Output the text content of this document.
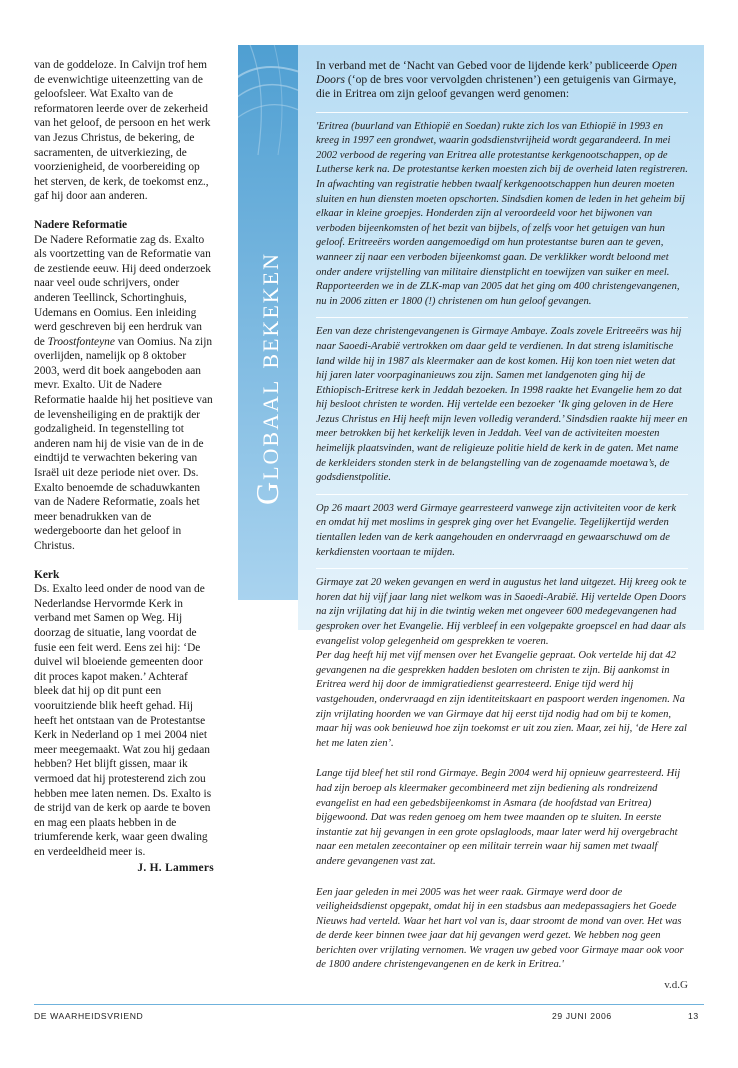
van de goddeloze. In Calvijn trof hem de evenwichtige uiteenzetting van de geloofsleer. Wat Exalto van de reformatoren leerde over de zekerheid van het geloof, de persoon en het werk van Jezus Christus, de bekering, de sacramenten, de uitverkiezing, de voorzienigheid, de voorbereiding op het sterven, de kerk, de toekomst enz., gaf hij door aan anderen.

Nadere Reformatie

De Nadere Reformatie zag ds. Exalto als voortzetting van de Reformatie van de zestiende eeuw. Hij deed onderzoek naar veel oude schrijvers, onder anderen Teellinck, Schortinghuis, Udemans en Oomius. Een inleiding werd geschreven bij een herdruk van de Troostfonteyne van Oomius. Na zijn overlijden, namelijk op 8 oktober 2003, werd dit boek aangeboden aan mevr. Exalto. Uit de Nadere Reformatie haalde hij het positieve van de levensheiliging en de praktijk der godzaligheid. In tegenstelling tot anderen nam hij de visie van de in de eindtijd te verwachten bekering van Israël uit deze periode niet over. Ds. Exalto benoemde de schaduwkanten van de Nadere Reformatie, zoals het meer benadrukken van de wedergeboorte dan het geloof in Christus.

Kerk

Ds. Exalto leed onder de nood van de Nederlandse Hervormde Kerk in verband met Samen op Weg. Hij doorzag de situatie, lang voordat de fusie een feit werd. Eens zei hij: ‘De duivel wil bloeiende gemeenten door dit proces kapot maken.’ Achteraf bleek dat hij op dit punt een vooruitziende blik heeft gehad. Hij heeft het ontstaan van de Protestantse Kerk in Nederland op 1 mei 2004 niet meer meegemaakt. Wat zou hij gedaan hebben? Het blijft gissen, maar ik vermoed dat hij protesterend zich zou hebben mee laten nemen. Ds. Exalto is de strijd van de kerk op aarde te boven en mag een plaats hebben in de triumferende kerk, waar geen dwaling en verdeeldheid meer is.

J. H. Lammers

Globaal bekeken

In verband met de ‘Nacht van Gebed voor de lijdende kerk’ publiceerde Open Doors (‘op de bres voor vervolgden christenen’) een getuigenis van Girmaye, die in Eritrea om zijn geloof gevangen werd genomen:

'Eritrea (buurland van Ethiopië en Soedan) rukte zich los van Ethiopië in 1993 en kreeg in 1997 een grondwet, waarin godsdienstvrijheid wordt gegarandeerd. In mei 2002 verbood de regering van Eritrea alle protestantse kerkgenootschappen, op de Lutherse kerk na. De protestantse kerken moesten zich bij de overheid laten registreren. In afwachting van registratie hebben twaalf kerkgenootschappen hun deuren moeten sluiten en hun diensten moeten opschorten. Sindsdien komen de leden in het geheim bij elkaar in kleine groepjes. Honderden zijn al veroordeeld voor het bijwonen van verboden bijeenkomsten of het bezit van bijbels, of zelfs voor het getuigen van hun geloof. Eritreeërs worden aangemoedigd om hun protestantse buren aan te geven, wanneer zij naar een verboden bijeenkomst gaan. De verklikker wordt beloond met onder andere vrijstelling van militaire dienstplicht en toewijzen van suiker en meel. Rapporteerden we in de ZLK-map van 2005 dat het ging om 400 christengevangenen, nu in 2006 zitten er 1800 (!) christenen om hun geloof gevangen.

Een van deze christengevangenen is Girmaye Ambaye. Zoals zovele Eritreeërs was hij naar Saoedi-Arabië vertrokken om daar geld te verdienen. In dat streng islamitische land wilde hij in 1987 als kleermaker aan de kost komen. Hij kon toen niet weten dat hij jaren later voorpaginanieuws zou zijn. Samen met landgenoten ging hij de Ethiopisch-Eritrese kerk in Jeddah bezoeken. In 1998 raakte het Evangelie hem zo dat hij besloot christen te worden. Hij vertelde een bezoeker ‘Ik ging geloven in de Here Jezus Christus en Hij heeft mijn leven volledig veranderd.’ Sindsdien raakte hij meer en meer betrokken bij het kerkelijk leven in Jeddah. Veel van de activiteiten moesten heimelijk plaatsvinden, want de religieuze politie hield de kerk in de gaten. Met name de kerkleiders stonden sterk in de belangstelling van de zogenaamde moetawa’s, de godsdienstpolitie.

Op 26 maart 2003 werd Girmaye gearresteerd vanwege zijn activiteiten voor de kerk en omdat hij met moslims in gesprek ging over het Evangelie. Tegelijkertijd werden tientallen leden van de kerk aangehouden en ondervraagd en gewaarschuwd om de kerkdiensten voortaan te mijden.

Girmaye zat 20 weken gevangen en werd in augustus het land uitgezet. Hij kreeg ook te horen dat hij vijf jaar lang niet welkom was in Saoedi-Arabië. Hij vertelde Open Doors na zijn vrijlating dat hij in die twintig weken met ongeveer 600 medegevangenen had gesproken over het Evangelie. Hij verbleef in een volgepakte groepscel en had daar als evangelist volop gelegenheid om gesprekken te voeren.

Per dag heeft hij met vijf mensen over het Evangelie gepraat. Ook vertelde hij dat 42 gevangenen na die gesprekken hadden besloten om christen te zijn. Bij aankomst in Eritrea werd hij door de immigratiedienst gearresteerd. Enige tijd werd hij vastgehouden, ondervraagd en zijn identiteitskaart en paspoort werden ingenomen. Na zijn vrijlating hoorden we van Girmaye dat hij eerst tijd nodig had om bij te komen, maar hij was ook benieuwd hoe zijn toekomst er uit zou zien. Maar, zei hij, ‘de Here zal het me laten zien’.

Lange tijd bleef het stil rond Girmaye. Begin 2004 werd hij opnieuw gearresteerd. Hij had zijn beroep als kleermaker gecombineerd met zijn bediening als rondreizend evangelist en had een gebedsbijeenkomst in Asmara (de hoofdstad van Eritrea) bijgewoond. Dat was reden genoeg om hem twee maanden op te sluiten. In eerste instantie zat hij gevangen in een grote opslagloods, maar later werd hij overgebracht naar een metalen zeecontainer op een militair terrein waar hij samen met twaalf andere gevangenen vast zat.

Een jaar geleden in mei 2005 was het weer raak. Girmaye werd door de veiligheidsdienst opgepakt, omdat hij in een stadsbus aan medepassagiers het Goede Nieuws had verteld. Waar het hart vol van is, daar stroomt de mond van over. Het was de derde keer binnen twee jaar dat hij gevangen werd gezet. We hebben nog geen berichten over vrijlating vernomen. We vragen uw gebed voor Girmaye maar ook voor de 1800 andere christengevangenen en de kerk in Eritrea.'

v.d.G

DE WAARHEIDSVRIEND	29 JUNI 2006	13
